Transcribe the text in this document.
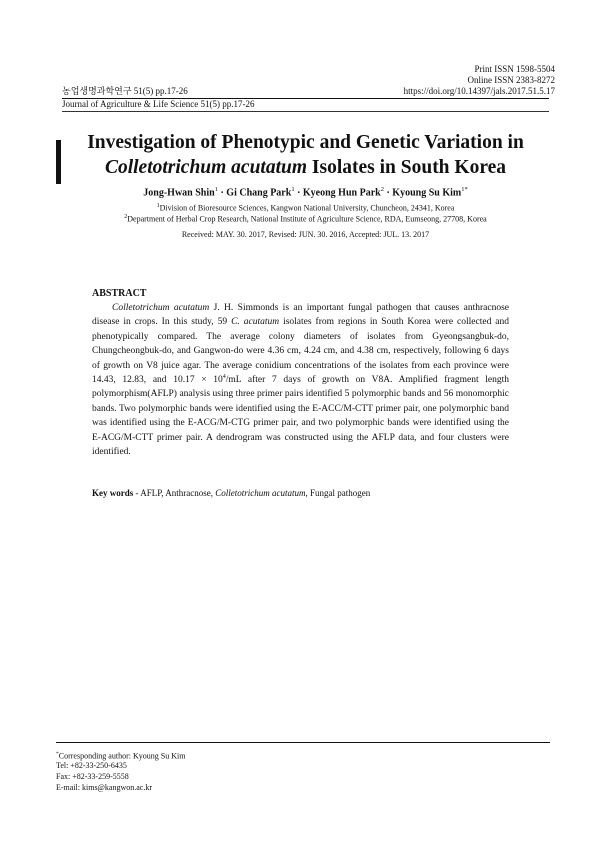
Print ISSN 1598-5504
Online ISSN 2383-8272
농업생명과학연구 51(5) pp.17-26	https://doi.org/10.14397/jals.2017.51.5.17
Journal of Agriculture & Life Science 51(5) pp.17-26
Investigation of Phenotypic and Genetic Variation in
Colletotrichum acutatum Isolates in South Korea
Jong-Hwan Shin$^1$ · Gi Chang Park$^1$ · Kyeong Hun Park$^2$ · Kyoung Su Kim$^{1*}$
$^1$Division of Bioresource Sciences, Kangwon National University, Chuncheon, 24341, Korea
$^2$Department of Herbal Crop Research, National Institute of Agriculture Science, RDA, Eumseong, 27708, Korea
Received: MAY. 30. 2017, Revised: JUN. 30. 2016, Accepted: JUL. 13. 2017
ABSTRACT

Colletotrichum acutatum J. H. Simmonds is an important fungal pathogen that causes anthracnose disease in crops. In this study, 59 C. acutatum isolates from regions in South Korea were collected and phenotypically compared. The average colony diameters of isolates from Gyeongsangbuk-do, Chungcheongbuk-do, and Gangwon-do were 4.36 cm, 4.24 cm, and 4.38 cm, respectively, following 6 days of growth on V8 juice agar. The average conidium concentrations of the isolates from each province were 14.43, 12.83, and $10.17 \times 10^4/mL$ after 7 days of growth on V8A. Amplified fragment length polymorphism(AFLP) analysis using three primer pairs identified 5 polymorphic bands and 56 monomorphic bands. Two polymorphic bands were identified using the E-ACC/M-CTT primer pair, one polymorphic band was identified using the E-ACG/M-CTG primer pair, and two polymorphic bands were identified using the E-ACG/M-CTT primer pair. A dendrogram was constructed using the AFLP data, and four clusters were identified.

Key words - AFLP, Anthracnose, Colletotrichum acutatum, Fungal pathogen
*Corresponding author: Kyoung Su Kim
Tel: +82-33-250-6435
Fax: +82-33-259-5558
E-mail: kims@kangwon.ac.kr
